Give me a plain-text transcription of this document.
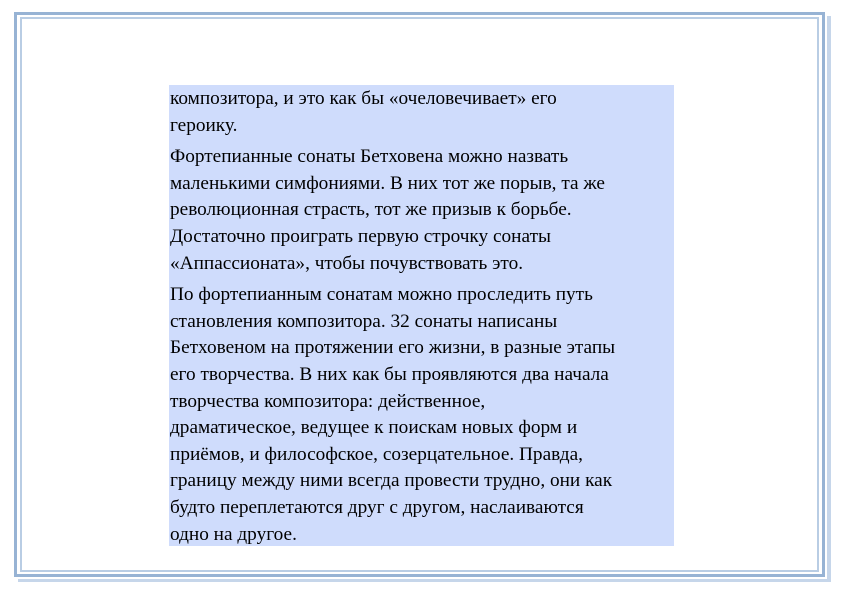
композитора, и это как бы «очеловечивает» его
героику.

Фортепианные сонаты Бетховена можно назвать
маленькими симфониями. В них тот же порыв, та же
революционная страсть, тот же призыв к борьбе.
Достаточно проиграть первую строчку сонаты
«Аппассионата», чтобы почувствовать это.

По фортепианным сонатам можно проследить путь
становления композитора. 32 сонаты написаны
Бетховеном на протяжении его жизни, в разные этапы
его творчества. В них как бы проявляются два начала
творчества композитора: действенное,
драматическое, ведущее к поискам новых форм и
приёмов, и философское, созерцательное. Правда,
границу между ними всегда провести трудно, они как
будто переплетаются друг с другом, наслаиваются
одно на другое.
